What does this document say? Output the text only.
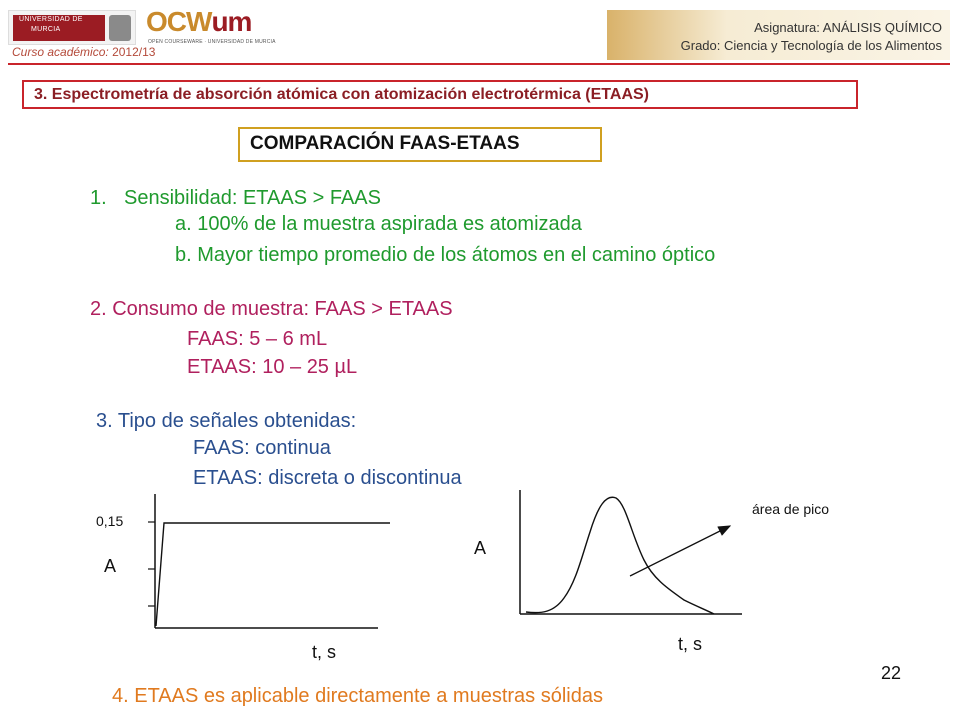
UNIVERSIDAD DE
MURCIA	OCWum
OPEN COURSEWARE · UNIVERSIDAD DE MURCIA
Curso académico: 2012/13
Asignatura: ANÁLISIS QUÍMICO
Grado: Ciencia y Tecnología de los Alimentos
3. Espectrometría de absorción atómica con atomización electrotérmica (ETAAS)
COMPARACIÓN FAAS-ETAAS
1. Sensibilidad: ETAAS > FAAS
a. 100% de la muestra aspirada es atomizada
b. Mayor tiempo promedio de los átomos en el camino óptico
2. Consumo de muestra: FAAS > ETAAS
FAAS: 5 – 6 mL
ETAAS: 10 – 25 µL
3. Tipo de señales obtenidas:
FAAS: continua
ETAAS: discreta o discontinua
0,15
A
t, s
A
t, s
área de pico
22
4. ETAAS es aplicable directamente a muestras sólidas
